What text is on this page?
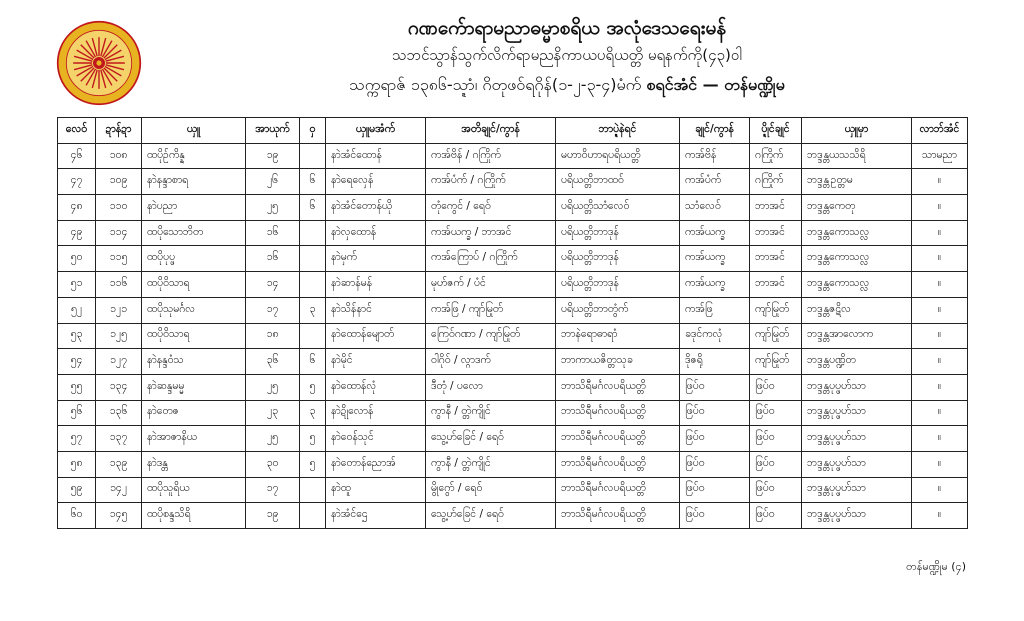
ဂဏက်ောရာမညာဓမ္မာစရိယ အလုံဒေသရေးမန်
သဘင်သွာန်သွက်လိက်ရာမညနိကာယပရိယတ္တိ မရနက်ကို(၄၃)ဝါ
သက္ကရာဇ် ၁၃၈၆-သ္ဍာံ၊ ဂိတုဖဝ်ရဂိုန်(၁-၂-၃-၄)မံက် စရင်အံင် — တန်မဏ္ဍိုမ
လေဝ်	ဍာန်ဍာ	ယှူ	အာယုက်	ဝှ	ယှူမအံက်	အတိချုင်/ကွာန်	ဘာပ္ဍဲနဲရင်	ချုင်/ကွာန်	ပ္ဍိုင်ချုင်	ယှူမှာ	လာဘ်အံင်
၄၆	၁၀၈	ထပိုဉ်ကိန္န	၁၉		နာဲအံင်ထောန်	ကအ်ဗိန် / ဂကြိုက်	မဟာဝိဟာရပရိယတ္တိ	ကအ်ဗိန်	ဂကြိုက်	ဘဒ္ဒန္တယသသိရိ	သာမညာ
၄၇	၁၀၉	နာဲနန္ဒာစာရ	၂၆	၆	နာဲရေလှေန်	ကအ်ပံက် / ဂကြိုက်	ပရိယတ္တိဘာထဝ်	ကအ်ပံက်	ဂကြိုက်	ဘဒ္ဒန္တဥတ္တမ	။
၄၈	၁၁၀	နာဲပညာ	၂၅	၆	နာဲအံင်တောန်ယို	တုံကွေင် / ရေဝ်	ပရိယတ္တိသာံလေဝ်	သာံလေဝ်	ဘာအင်	ဘဒ္ဒန္တကေတု	။
၄၉	၁၁၄	ထပိုသောဘိတ	၁၆		နာဲလှထောန်	ကအ်ယက္ခ / ဘာအင်	ပရိယတ္တိဘာဒုန်	ကအ်ယက္ခ	ဘာအင်	ဘဒ္ဒန္တကောသလ္လ	။
၅၀	၁၁၅	ထပိုပုပ္ဖ	၁၆		နာဲမှက်	ကအ်ကြောပ် / ဂကြိုက်	ပရိယတ္တိဘာဒုန်	ကအ်ယက္ခ	ဘာအင်	ဘဒ္ဒန္တကောသလ္လ	။
၅၁	၁၁၆	ထပိုဝိသာရ	၁၄		နာဲဆာန်မန်	မုဟ်ဇက် / ပံင်	ပရိယတ္တိဘာဒုန်	ကအ်ယက္ခ	ဘာအင်	ဘဒ္ဒန္တကောသလ္လ	။
၅၂	၁၂၁	ထပိုသုမင်္ဂလ	၁၇	၃	နာဲသိန်နာင်	ကအ်ဖြ / ကျာ်မြုတ်	ပရိယတ္တိဘာတွံက်	ကအ်ဖြ	ကျာ်မြုတ်	ဘဒ္ဒန္တဇဋိလ	။
၅၃	၁၂၅	ထပိုဝိသာရ	၁၈		နာဲထောန်မျောတ်	ကြေဝ်ဂဏာ / ကျာ်မြုတ်	ဘာနဲရောဓာရာံ	ခဒုင်ကလုံ	ကျာ်မြုတ်	ဘဒ္ဒန္တအာလောက	။
၅၄	၁၂၇	နာဲနန္ဒဝံသ	၃၆	၆	နာဲမိုင်	ဝါဂိုဝ် / လ္ဂာဒက်	ဘာကာယဇိတ္တသုခ	ဒိုဇရို	ကျာ်မြုတ်	ဘဒ္ဒန္တပဏ္ဍိတ	။
၅၅	၁၃၄	နာဲဆန္ဒမမ္မ	၂၅	၅	နာဲထောန်လုံ	ဒီတုံ / ပလော	ဘာသိရီမင်္ဂလပရိယတ္တိ	ဖြပ်ဝ	ဖြပ်ဝ	ဘဒ္ဒန္တပုပ္ဖဟ်သာ	။
၅၆	၁၃၆	နာဲတေဇ	၂၃	၃	နာဲဍိုလောန်	ကွာနီ / တ္တဲကျိုင်	ဘာသိရီမင်္ဂလပရိယတ္တိ	ဖြပ်ဝ	ဖြပ်ဝ	ဘဒ္ဒန္တပုပ္ဖဟ်သာ	။
၅၇	၁၃၇	နာဲအာဇာနိယ	၂၅	၅	နာဲဝေန်သုင်	သွေ့ဟ်ခြေင် / ရေဝ်	ဘာသိရီမင်္ဂလပရိယတ္တိ	ဖြပ်ဝ	ဖြပ်ဝ	ဘဒ္ဒန္တပုပ္ဖဟ်သာ	။
၅၈	၁၃၉	နာဲဒန္တ	၃၀	၅	နာဲတောန်ညောအ်	ကွာနီ / တ္တဲကျိုင်	ဘာသိရီမင်္ဂလပရိယတ္တိ	ဖြပ်ဝ	ဖြပ်ဝ	ဘဒ္ဒန္တပုပ္ဖဟ်သာ	။
၅၉	၁၄၂	ထပိုသူရိယ	၁၇		နာဲထူ	မွိုဂွော် / ရေဝ်	ဘာသိရီမင်္ဂလပရိယတ္တိ	ဖြပ်ဝ	ဖြပ်ဝ	ဘဒ္ဒန္တပုပ္ဖဟ်သာ	။
၆၀	၁၄၅	ထပိုစန္ဒသိရိ	၁၉		နာဲအံင်ဌေ	သွေ့ဟ်ခြေင် / ရေဝ်	ဘာသိရီမင်္ဂလပရိယတ္တိ	ဖြပ်ဝ	ဖြပ်ဝ	ဘဒ္ဒန္တပုပ္ဖဟ်သာ	။
တန်မဏ္ဍိုမ (၄)
